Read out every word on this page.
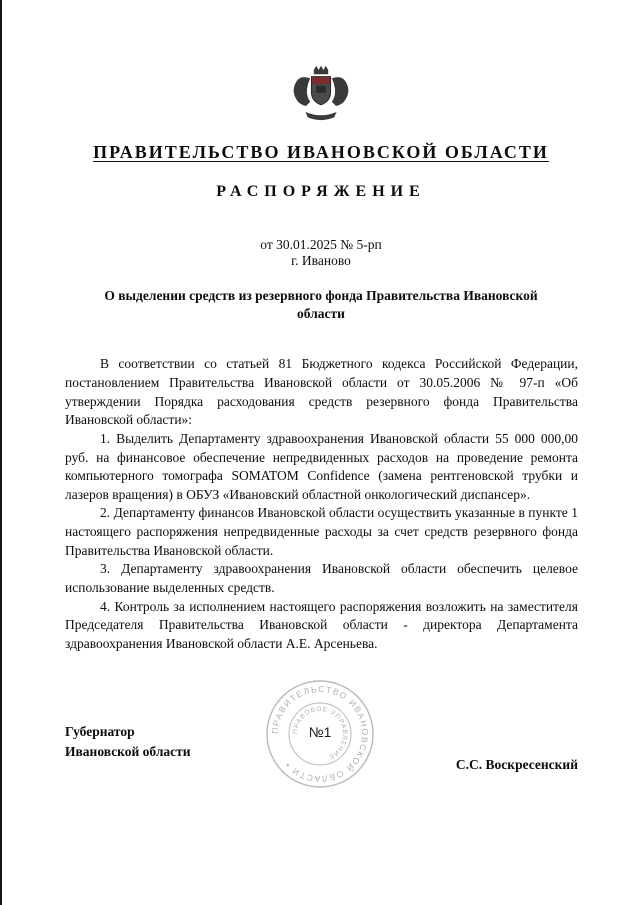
ПРАВИТЕЛЬСТВО ИВАНОВСКОЙ ОБЛАСТИ
РАСПОРЯЖЕНИЕ
от 30.01.2025 № 5-рп
г. Иваново
О выделении средств из резервного фонда Правительства Ивановской области

В соответствии со статьей 81 Бюджетного кодекса Российской Федерации, постановлением Правительства Ивановской области от 30.05.2006 № 97-п «Об утверждении Порядка расходования средств резервного фонда Правительства Ивановской области»:

1. Выделить Департаменту здравоохранения Ивановской области 55 000 000,00 руб. на финансовое обеспечение непредвиденных расходов на проведение ремонта компьютерного томографа SOMATOM Confidence (замена рентгеновской трубки и лазеров вращения) в ОБУЗ «Ивановский областной онкологический диспансер».

2. Департаменту финансов Ивановской области осуществить указанные в пункте 1 настоящего распоряжения непредвиденные расходы за счет средств резервного фонда Правительства Ивановской области.

3. Департаменту здравоохранения Ивановской области обеспечить целевое использование выделенных средств.

4. Контроль за исполнением настоящего распоряжения возложить на заместителя Председателя Правительства Ивановской области - директора Департамента здравоохранения Ивановской области А.Е. Арсеньева.

Губернатор
Ивановской области
ПРАВИТЕЛЬСТВО ИВАНОВСКОЙ ОБЛАСТИ •
ПРАВОВОЕ УПРАВЛЕНИЕ
№1
С.С. Воскресенский
